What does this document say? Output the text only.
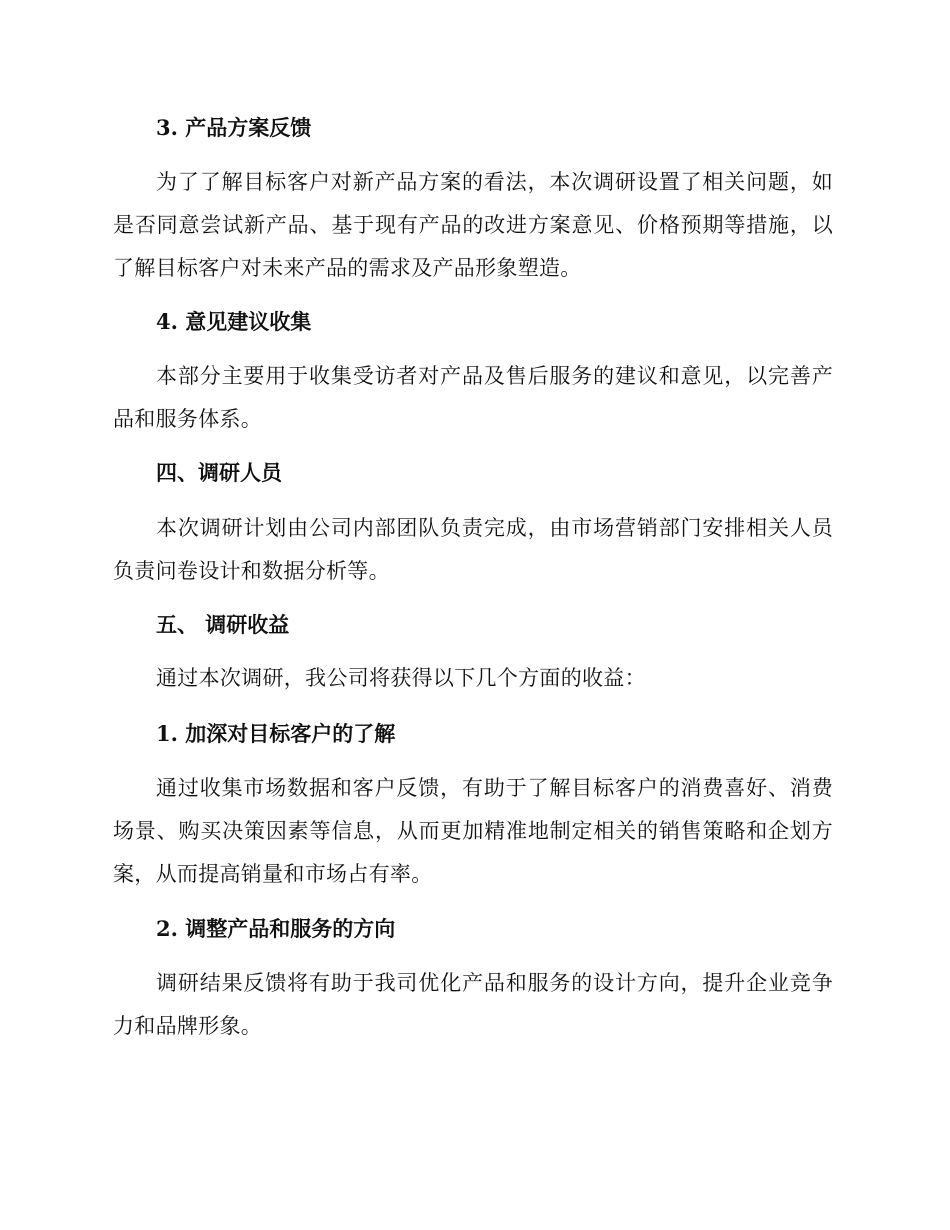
3. 产品方案反馈
为了了解目标客户对新产品方案的看法，本次调研设置了相关问题，如是否同意尝试新产品、基于现有产品的改进方案意见、价格预期等措施，以了解目标客户对未来产品的需求及产品形象塑造。
4. 意见建议收集
本部分主要用于收集受访者对产品及售后服务的建议和意见，以完善产品和服务体系。
四、调研人员
本次调研计划由公司内部团队负责完成，由市场营销部门安排相关人员负责问卷设计和数据分析等。
五、 调研收益
通过本次调研，我公司将获得以下几个方面的收益：
1. 加深对目标客户的了解
通过收集市场数据和客户反馈，有助于了解目标客户的消费喜好、消费场景、购买决策因素等信息，从而更加精准地制定相关的销售策略和企划方案，从而提高销量和市场占有率。
2. 调整产品和服务的方向
调研结果反馈将有助于我司优化产品和服务的设计方向，提升企业竞争力和品牌形象。
